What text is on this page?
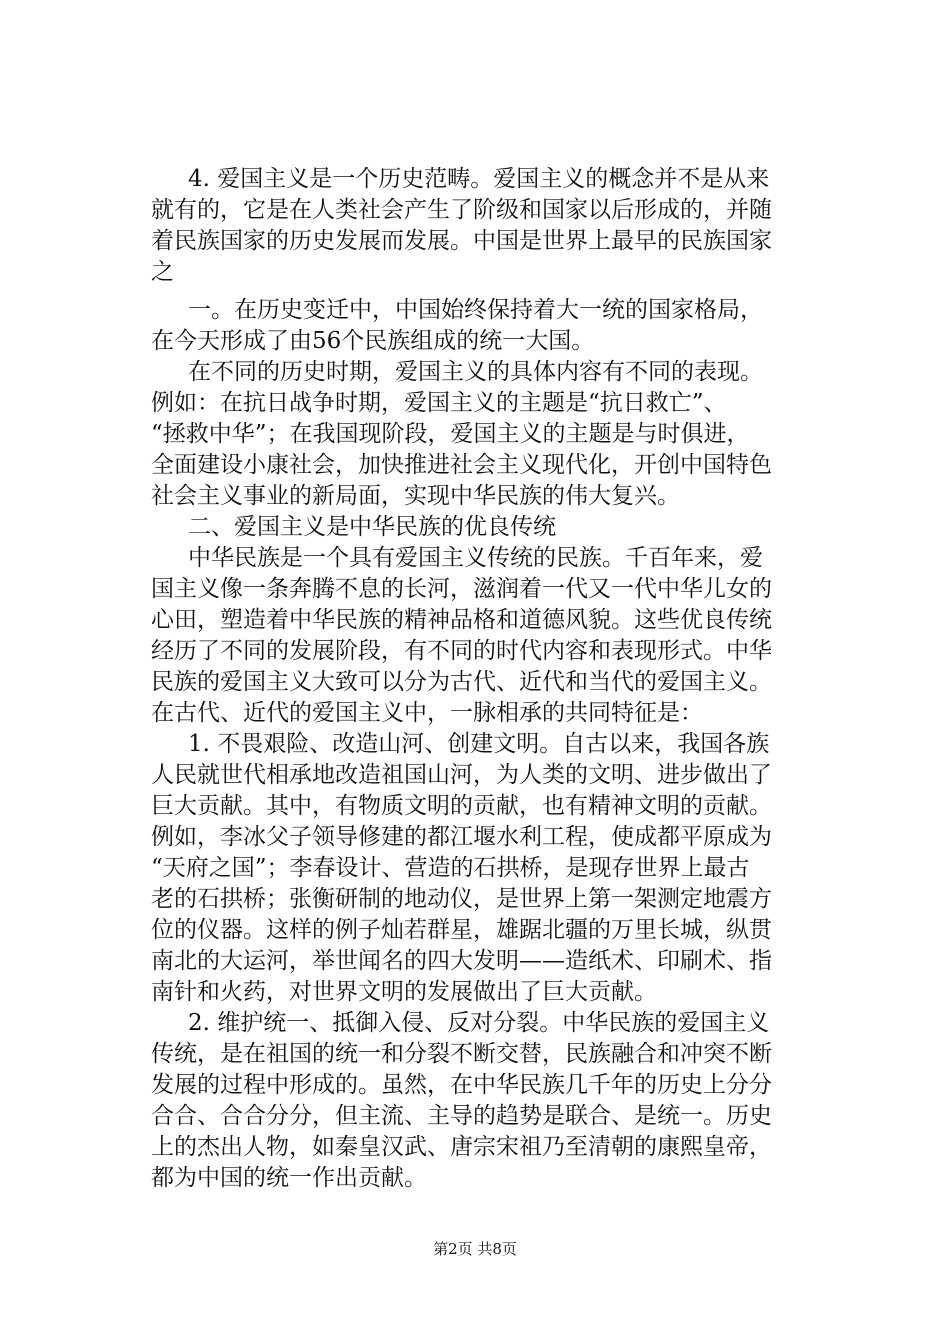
4. 爱国主义是一个历史范畴。爱国主义的概念并不是从来
就有的，它是在人类社会产生了阶级和国家以后形成的，并随
着民族国家的历史发展而发展。中国是世界上最早的民族国家
之
一。在历史变迁中，中国始终保持着大一统的国家格局，
在今天形成了由56个民族组成的统一大国。
在不同的历史时期，爱国主义的具体内容有不同的表现。
例如：在抗日战争时期，爱国主义的主题是“抗日救亡”、
“拯救中华”；在我国现阶段，爱国主义的主题是与时俱进，
全面建设小康社会，加快推进社会主义现代化，开创中国特色
社会主义事业的新局面，实现中华民族的伟大复兴。
二、爱国主义是中华民族的优良传统
中华民族是一个具有爱国主义传统的民族。千百年来，爱
国主义像一条奔腾不息的长河，滋润着一代又一代中华儿女的
心田，塑造着中华民族的精神品格和道德风貌。这些优良传统
经历了不同的发展阶段，有不同的时代内容和表现形式。中华
民族的爱国主义大致可以分为古代、近代和当代的爱国主义。
在古代、近代的爱国主义中，一脉相承的共同特征是：
1. 不畏艰险、改造山河、创建文明。自古以来，我国各族
人民就世代相承地改造祖国山河，为人类的文明、进步做出了
巨大贡献。其中，有物质文明的贡献，也有精神文明的贡献。
例如，李冰父子领导修建的都江堰水利工程，使成都平原成为
“天府之国”；李春设计、营造的石拱桥，是现存世界上最古
老的石拱桥；张衡研制的地动仪，是世界上第一架测定地震方
位的仪器。这样的例子灿若群星，雄踞北疆的万里长城，纵贯
南北的大运河，举世闻名的四大发明——造纸术、印刷术、指
南针和火药，对世界文明的发展做出了巨大贡献。
2. 维护统一、抵御入侵、反对分裂。中华民族的爱国主义
传统，是在祖国的统一和分裂不断交替，民族融合和冲突不断
发展的过程中形成的。虽然，在中华民族几千年的历史上分分
合合、合合分分，但主流、主导的趋势是联合、是统一。历史
上的杰出人物，如秦皇汉武、唐宗宋祖乃至清朝的康熙皇帝，
都为中国的统一作出贡献。
第2页 共8页
